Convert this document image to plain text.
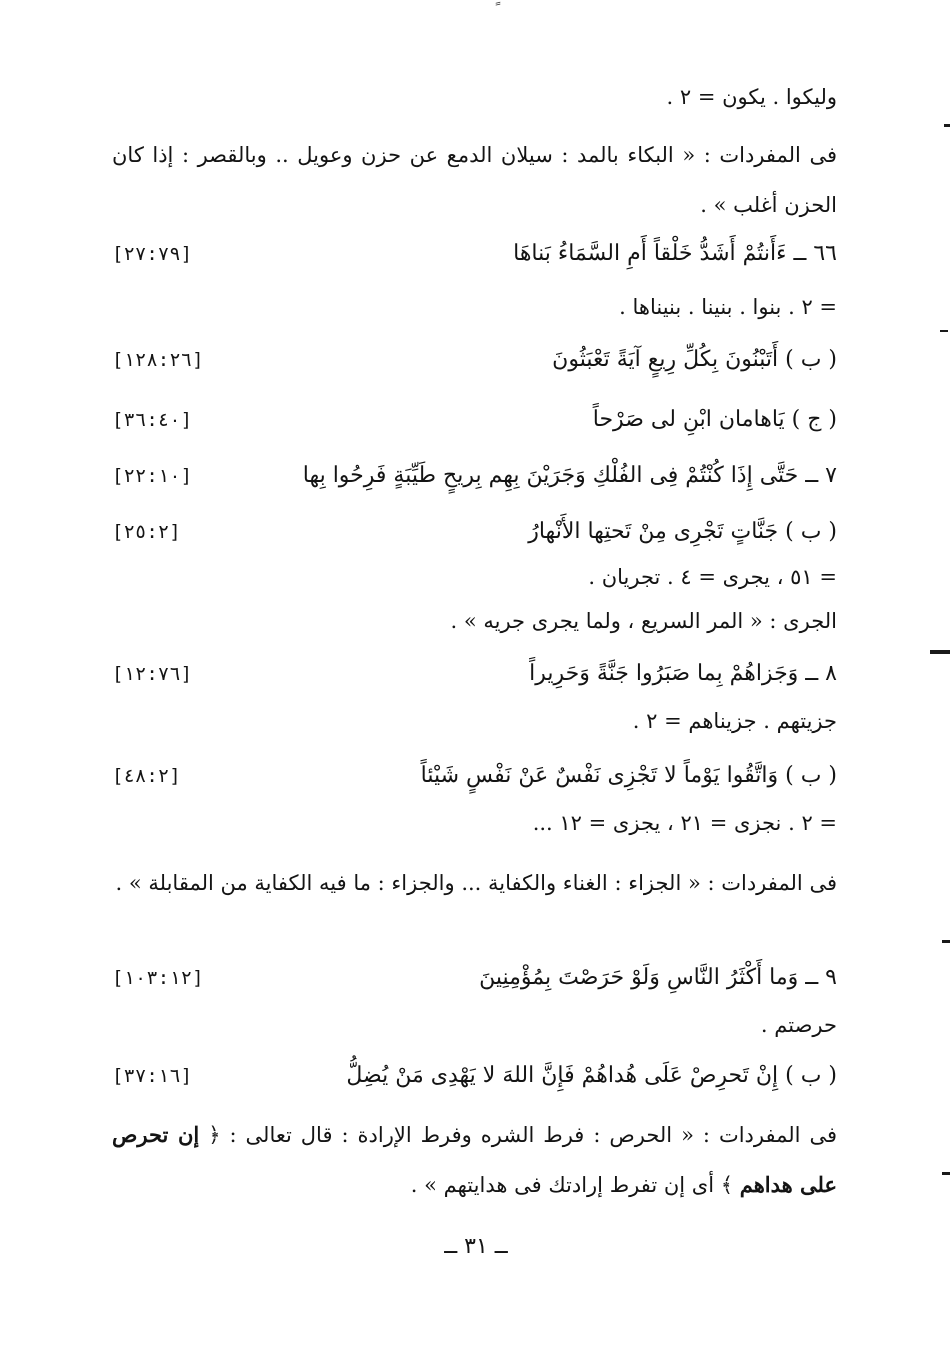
وليكوا . يكون = ٢ .
فى المفردات : « البكاء بالمد : سيلان الدمع عن حزن وعويل .. وبالقصر : إذا كان الحزن أغلب » .
٦٦ ــ ءَأَنتُمْ أَشَدُّ خَلْقاً أَمِ السَّمَاءُ بَناهَا
[٢٧:٧٩]
= ٢ . بنوا . بنينا . بنيناها .
( ب ) أَتَبْنُونَ بِكُلِّ رِيعٍ آيَةً تَعْبَثُونَ
[١٢٨:٢٦]
( ج ) يَاهامان ابْنِ لى صَرْحاً
[٣٦:٤٠]
٧ ــ حَتَّى إِذَا كُنْتُمْ فِى الفُلْكِ وَجَرَيْنَ بِهِم بِريحٍ طَيِّبَةٍ فَرِحُوا بِها
[٢٢:١٠]
( ب ) جَنَّاتٍ تَجْرِى مِنْ تَحتِها الأَنْهارُ
[٢٥:٢]
= ٥١ ، يجرى = ٤ . تجريان .
الجرى : « المر السريع ، ولما يجرى جريه » .
٨ ــ وَجَزاهُمْ بِما صَبَرُوا جَنَّةً وَحَرِيراً
[١٢:٧٦]
جزيتهم . جزيناهم = ٢ .
( ب ) وَاتَّقُوا يَوْماً لا تَجْزِى نَفْسٌ عَنْ نَفْسٍ شَيْئاً
[٤٨:٢]
= ٢ . نجزى = ٢١ ، يجزى = ١٢ ...
فى المفردات : « الجزاء : الغناء والكفاية ... والجزاء : ما فيه الكفاية من المقابلة » .
٩ ــ وَما أَكْثَرُ النَّاسِ وَلَوْ حَرَصْتَ بِمُؤْمِنِينَ
[١٠٣:١٢]
حرصتم .
( ب ) إِنْ تَحرِصْ عَلَى هُداهُمْ فَإِنَّ اللهَ لا يَهْدِى مَنْ يُضِلُّ
[٣٧:١٦]
فى المفردات : « الحرص : فرط الشره وفرط الإرادة : قال تعالى : ﴿ إن تحرص على هداهم ﴾ أى إن تفرط إرادتك فى هدايتهم » .
ــ ٣١ ــ
